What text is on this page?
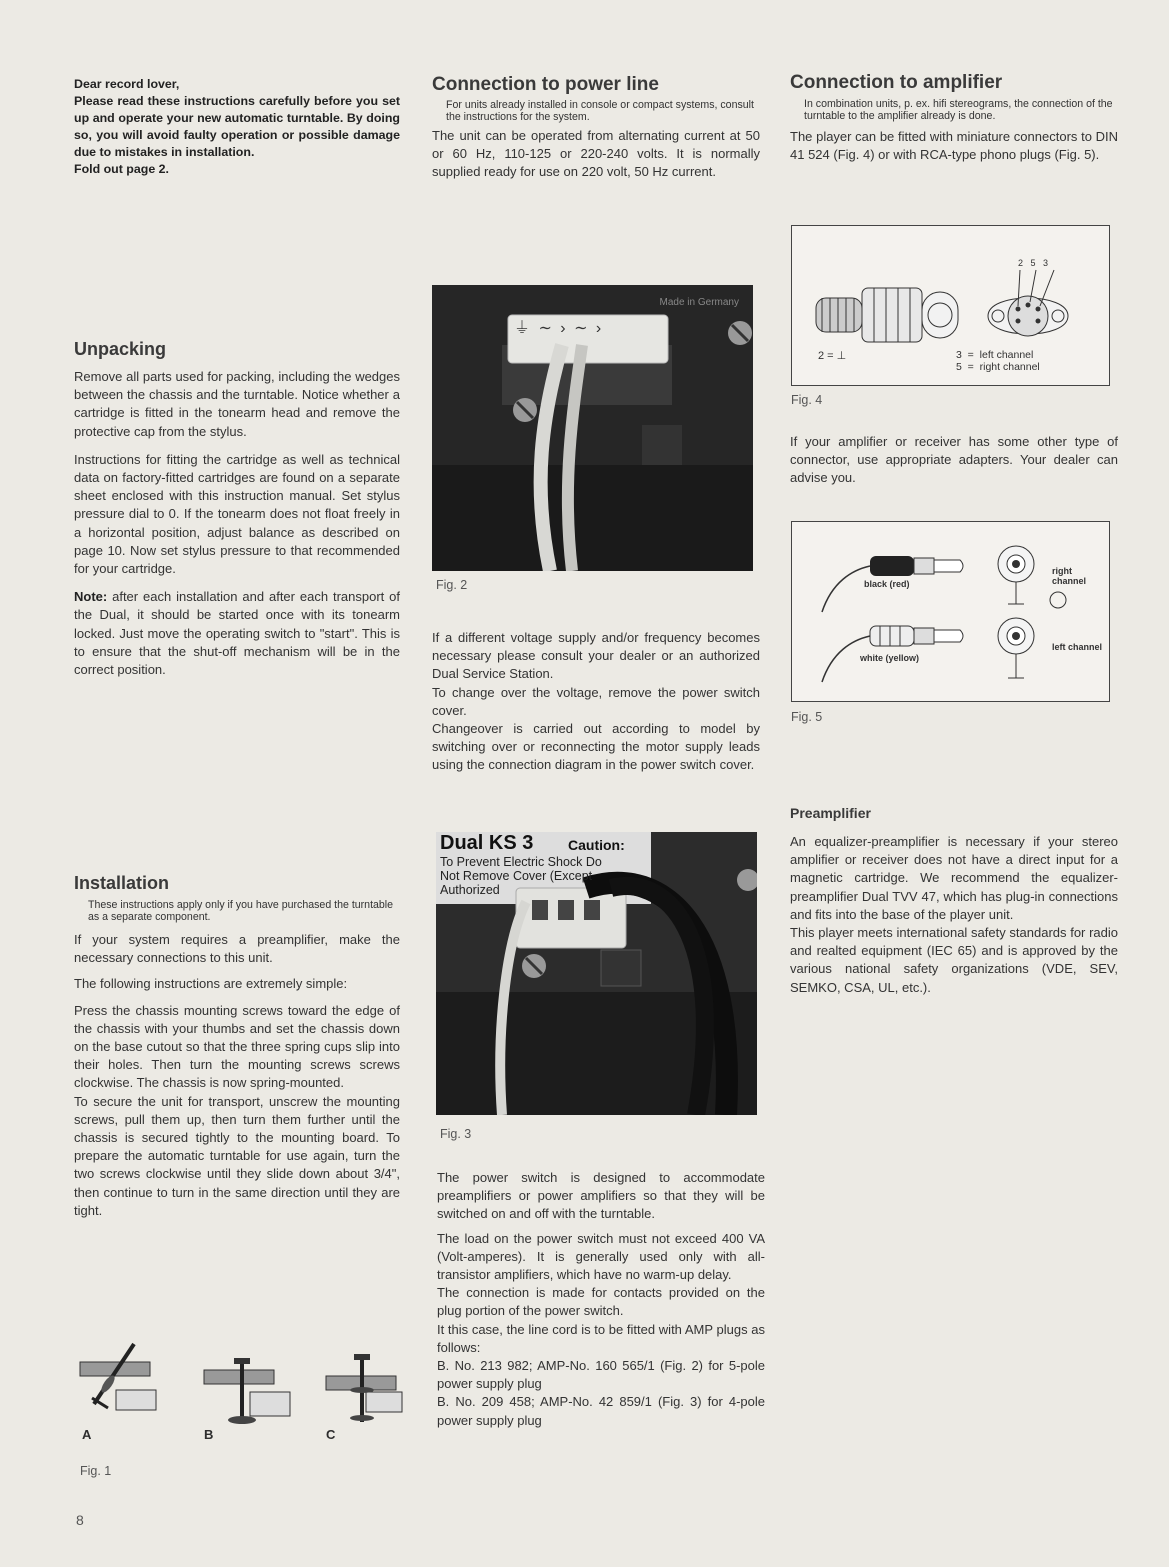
Dear record lover,

Please read these instructions carefully before you set up and operate your new automatic turntable. By doing so, you will avoid faulty operation or possible damage due to mistakes in installation.

Fold out page 2.

Unpacking

Remove all parts used for packing, including the wedges between the chassis and the turntable. Notice whether a cartridge is fitted in the tonearm head and remove the protective cap from the stylus.

Instructions for fitting the cartridge as well as technical data on factory-fitted cartridges are found on a separate sheet enclosed with this instruction manual. Set stylus pressure dial to 0. If the tonearm does not float freely in a horizontal position, adjust balance as described on page 10. Now set stylus pressure to that recommended for your cartridge.

Note: after each installation and after each transport of the Dual, it should be started once with its tonearm locked. Just move the operating switch to "start". This is to ensure that the shut-off mechanism will be in the correct position.

Installation

These instructions apply only if you have purchased the turntable as a separate component.

If your system requires a preamplifier, make the necessary connections to this unit.

The following instructions are extremely simple:

Press the chassis mounting screws toward the edge of the chassis with your thumbs and set the chassis down on the base cutout so that the three spring cups slip into their holes. Then turn the mounting screws screws clockwise. The chassis is now spring-mounted.

To secure the unit for transport, unscrew the mounting screws, pull them up, then turn them further until the chassis is secured tightly to the mounting board. To prepare the automatic turntable for use again, turn the two screws clockwise until they slide down about 3/4", then continue to turn in the same direction until they are tight.

A	B	C
Fig. 1
8
Connection to power line

For units already installed in console or compact systems, consult the instructions for the system.

The unit can be operated from alternating current at 50 or 60 Hz, 110-125 or 220-240 volts. It is normally supplied ready for use on 220 volt, 50 Hz current.

Made in Germany
⏚ ∼ › ∼ ›
Fig. 2

If a different voltage supply and/or frequency becomes necessary please consult your dealer or an authorized Dual Service Station.

To change over the voltage, remove the power switch cover.

Changeover is carried out according to model by switching over or reconnecting the motor supply leads using the connection diagram in the power switch cover.

Dual KS 3 Caution:
To Prevent Electric Shock Do
Not Remove Cover (Except
Authorized
Fig. 3

The power switch is designed to accommodate preamplifiers or power amplifiers so that they will be switched on and off with the turntable.

The load on the power switch must not exceed 400 VA (Volt-amperes). It is generally used only with all-transistor amplifiers, which have no warm-up delay.

The connection is made for contacts provided on the plug portion of the power switch.

It this case, the line cord is to be fitted with AMP plugs as follows:

B. No. 213 982; AMP-No. 160 565/1 (Fig. 2) for 5-pole power supply plug

B. No. 209 458; AMP-No. 42 859/1 (Fig. 3) for 4-pole power supply plug

Connection to amplifier

In combination units, p. ex. hifi stereograms, the connection of the turntable to the amplifier already is done.

The player can be fitted with miniature connectors to DIN 41 524 (Fig. 4) or with RCA-type phono plugs (Fig. 5).

2   5   3
2 = ⊥	3  =  left channel
5  =  right channel
Fig. 4

If your amplifier or receiver has some other type of connector, use appropriate adapters. Your dealer can advise you.

black (red)
white (yellow)
right channel
left channel
Fig. 5
Preamplifier

An equalizer-preamplifier is necessary if your stereo amplifier or receiver does not have a direct input for a magnetic cartridge. We recommend the equalizer-preamplifier Dual TVV 47, which has plug-in connections and fits into the base of the player unit.

This player meets international safety standards for radio and realted equipment (IEC 65) and is approved by the various national safety organizations (VDE, SEV, SEMKO, CSA, UL, etc.).
